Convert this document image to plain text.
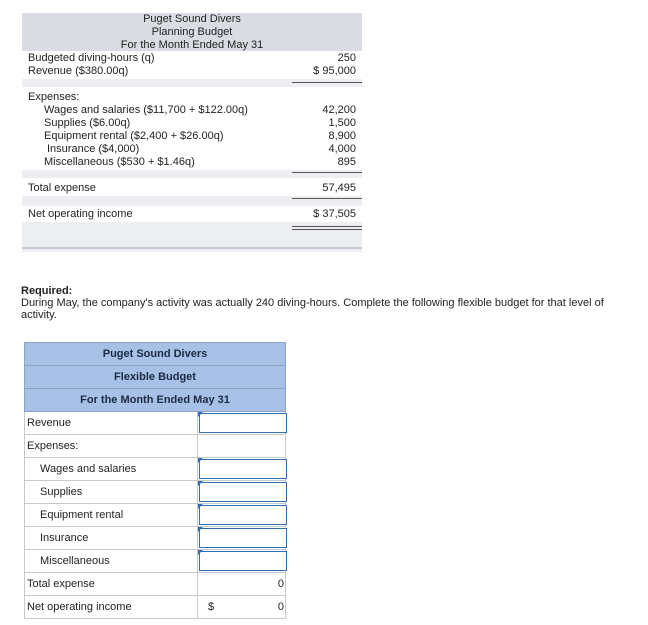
Puget Sound Divers
Planning Budget
For the Month Ended May 31
Budgeted diving-hours (q)	250
Revenue ($380.00q)	$ 95,000
Expenses:
Wages and salaries ($11,700 + $122.00q)	42,200
Supplies ($6.00q)	1,500
Equipment rental ($2,400 + $26.00q)	8,900
Insurance ($4,000)	4,000
Miscellaneous ($530 + $1.46q)	895
Total expense	57,495
Net operating income	$ 37,505
Required:
During May, the company's activity was actually 240 diving-hours. Complete the following flexible budget for that level of activity.
Puget Sound Divers
Flexible Budget
For the Month Ended May 31
Revenue
Expenses:
Wages and salaries
Supplies
Equipment rental
Insurance
Miscellaneous
Total expense	0
Net operating income	$	0
